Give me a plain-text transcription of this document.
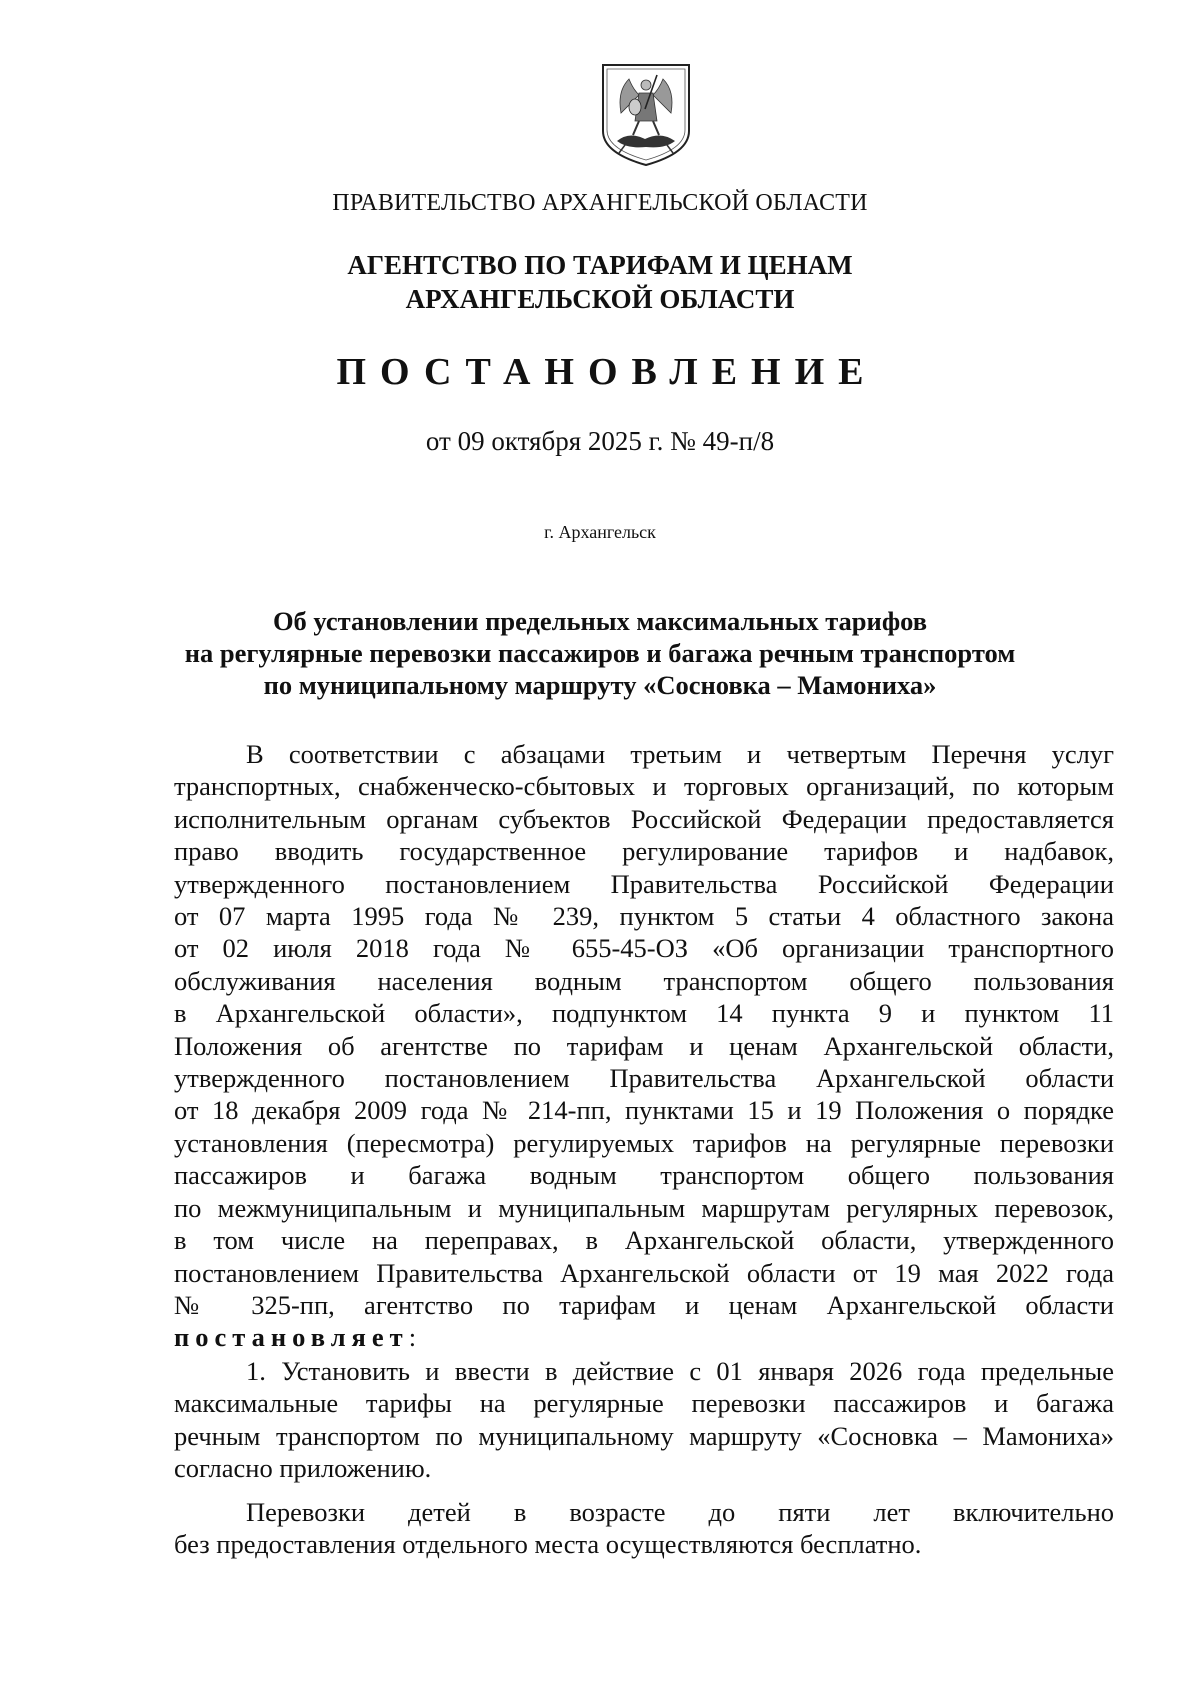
ПРАВИТЕЛЬСТВО АРХАНГЕЛЬСКОЙ ОБЛАСТИ
АГЕНТСТВО ПО ТАРИФАМ И ЦЕНАМ
АРХАНГЕЛЬСКОЙ ОБЛАСТИ
ПОСТАНОВЛЕНИЕ
от 09 октября 2025 г. № 49-п/8
г. Архангельск
Об установлении предельных максимальных тарифов
на регулярные перевозки пассажиров и багажа речным транспортом
по муниципальному маршруту «Сосновка – Мамониха»
В соответствии с абзацами третьим и четвертым Перечня услуг
транспортных, снабженческо-сбытовых и торговых организаций, по которым
исполнительным органам субъектов Российской Федерации предоставляется
право вводить государственное регулирование тарифов и надбавок,
утвержденного постановлением Правительства Российской Федерации
от 07 марта 1995 года № 239, пунктом 5 статьи 4 областного закона
от 02 июля 2018 года № 655-45-ОЗ «Об организации транспортного
обслуживания населения водным транспортом общего пользования
в Архангельской области», подпунктом 14 пункта 9 и пунктом 11
Положения об агентстве по тарифам и ценам Архангельской области,
утвержденного постановлением Правительства Архангельской области
от 18 декабря 2009 года № 214-пп, пунктами 15 и 19 Положения о порядке
установления (пересмотра) регулируемых тарифов на регулярные перевозки
пассажиров и багажа водным транспортом общего пользования
по межмуниципальным и муниципальным маршрутам регулярных перевозок,
в том числе на переправах, в Архангельской области, утвержденного
постановлением Правительства Архангельской области от 19 мая 2022 года
№ 325-пп, агентство по тарифам и ценам Архангельской области
постановляет:
1. Установить и ввести в действие с 01 января 2026 года предельные
максимальные тарифы на регулярные перевозки пассажиров и багажа
речным транспортом по муниципальному маршруту «Сосновка – Мамониха»
согласно приложению.
Перевозки детей в возрасте до пяти лет включительно
без предоставления отдельного места осуществляются бесплатно.
